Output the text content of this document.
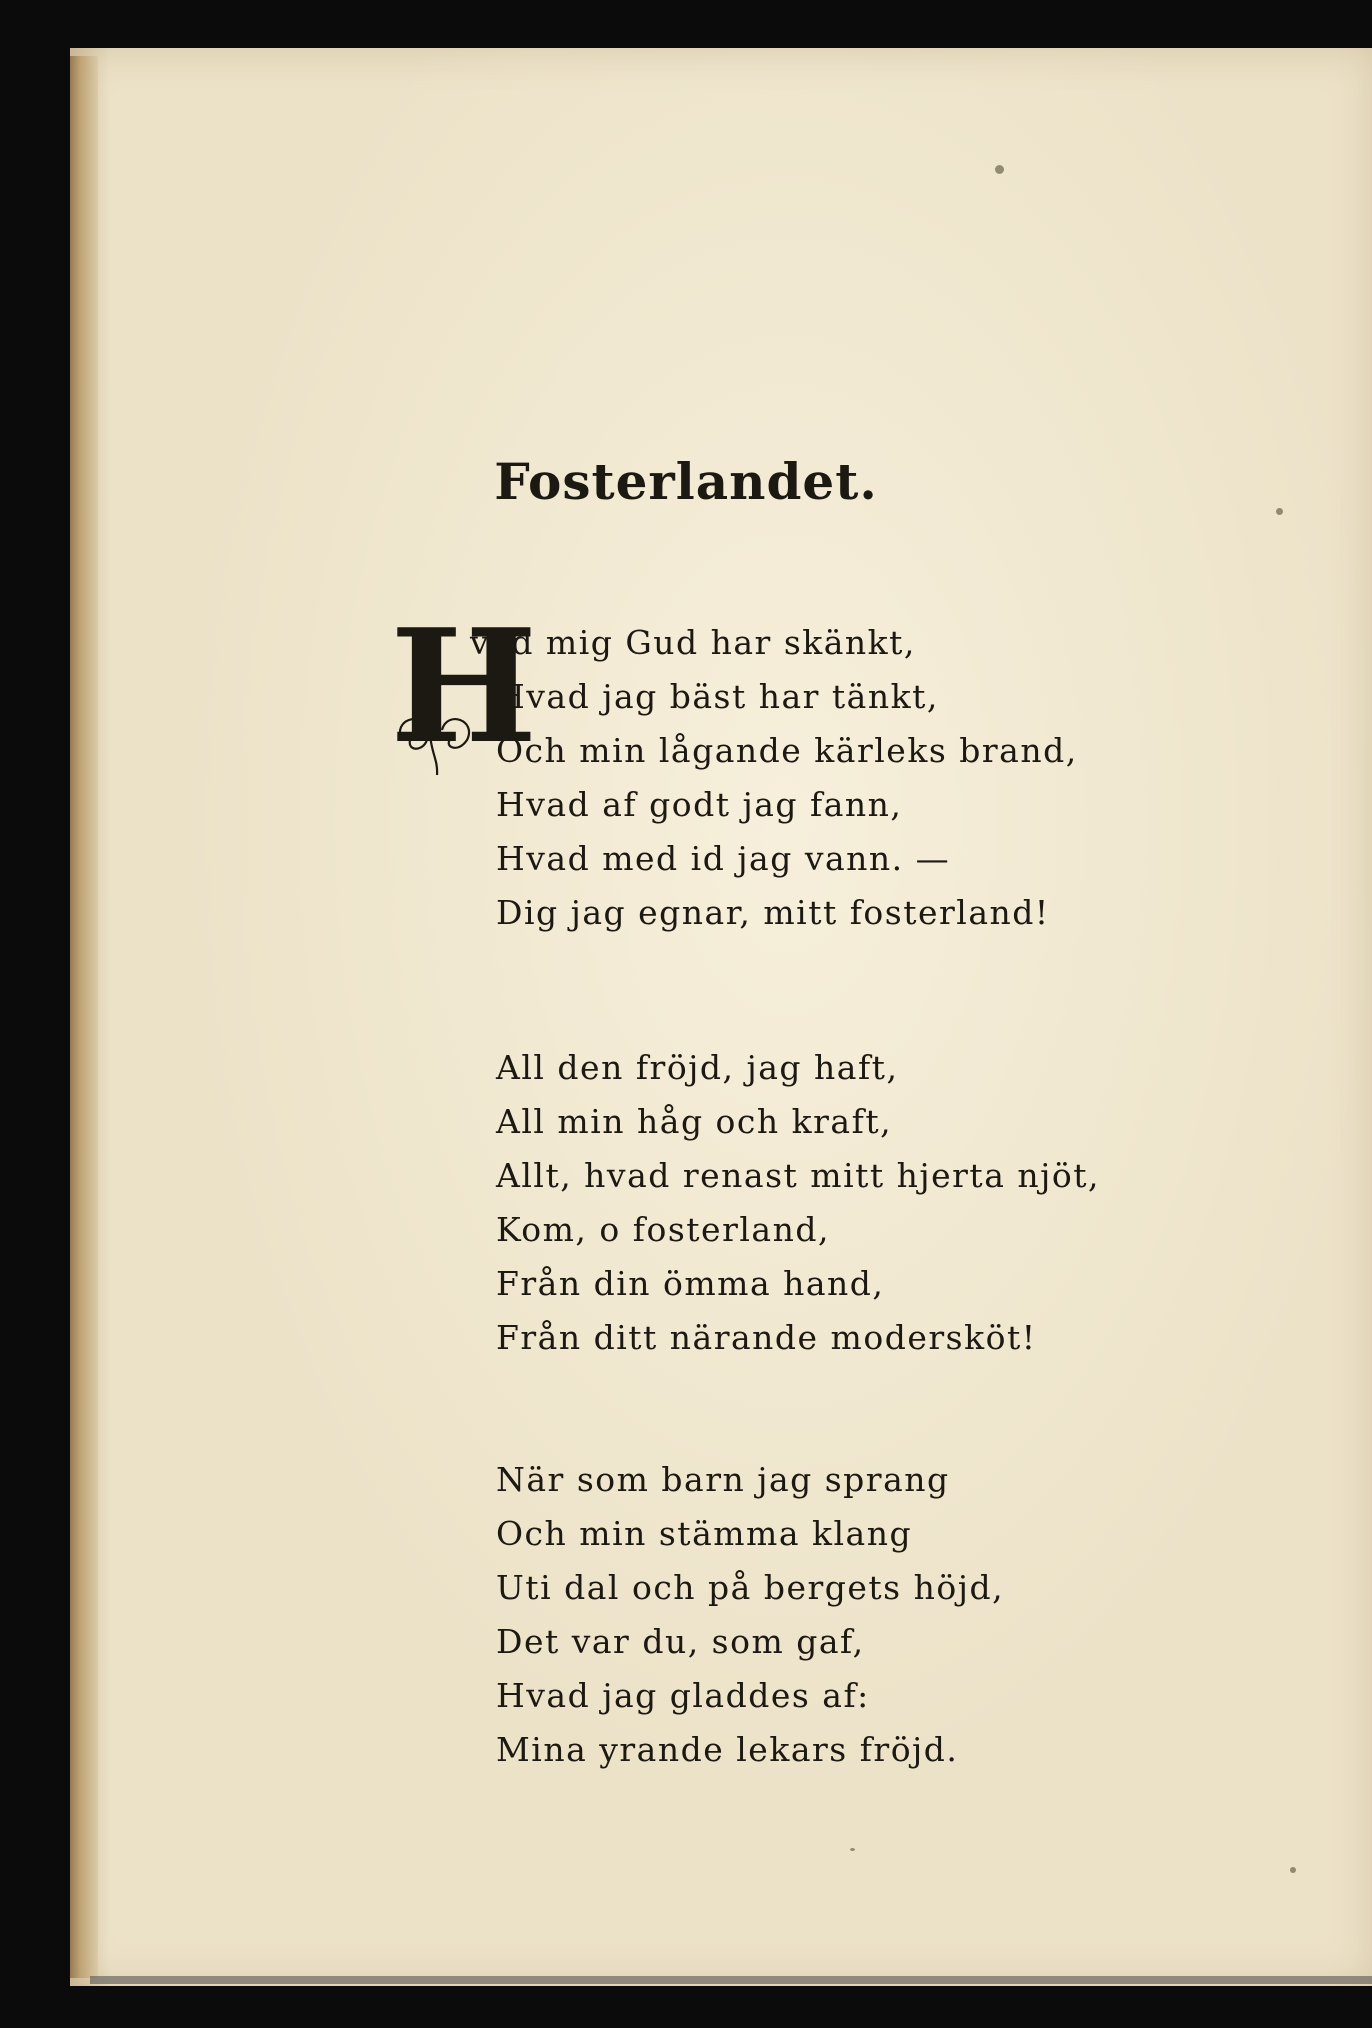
Fosterlandet.
H
vad mig Gud har skänkt,
Hvad jag bäst har tänkt,
Och min lågande kärleks brand,
Hvad af godt jag fann,
Hvad med id jag vann. —
Dig jag egnar, mitt fosterland!
All den fröjd, jag haft,
All min håg och kraft,
Allt, hvad renast mitt hjerta njöt,
Kom, o fosterland,
Från din ömma hand,
Från ditt närande modersköt!
När som barn jag sprang
Och min stämma klang
Uti dal och på bergets höjd,
Det var du, som gaf,
Hvad jag gladdes af:
Mina yrande lekars fröjd.
